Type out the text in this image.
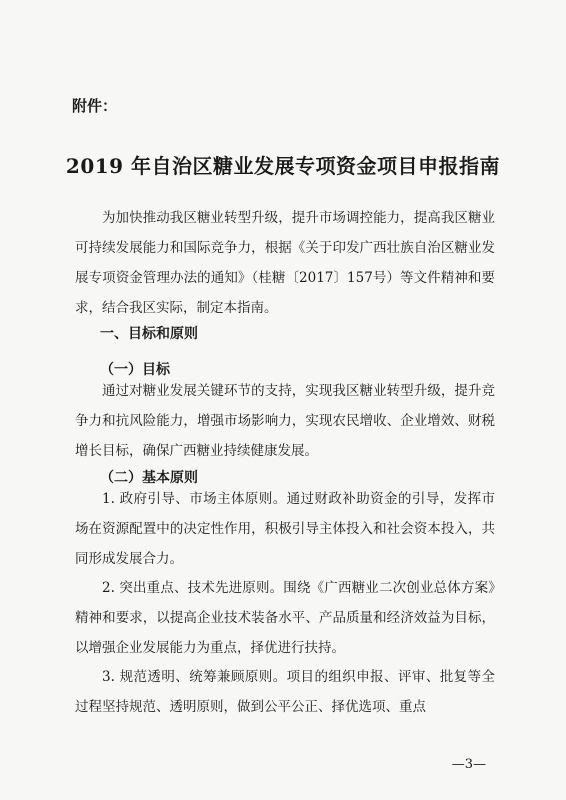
附件：
2019 年自治区糖业发展专项资金项目申报指南
为加快推动我区糖业转型升级，提升市场调控能力，提高我区糖业可持续发展能力和国际竞争力，根据《关于印发广西壮族自治区糖业发展专项资金管理办法的通知》（桂糖〔2017〕157号）等文件精神和要求，结合我区实际，制定本指南。
一、目标和原则
（一）目标
通过对糖业发展关键环节的支持，实现我区糖业转型升级，提升竞争力和抗风险能力，增强市场影响力，实现农民增收、企业增效、财税增长目标，确保广西糖业持续健康发展。
（二）基本原则
1. 政府引导、市场主体原则。通过财政补助资金的引导，发挥市场在资源配置中的决定性作用，积极引导主体投入和社会资本投入，共同形成发展合力。
2. 突出重点、技术先进原则。围绕《广西糖业二次创业总体方案》精神和要求，以提高企业技术装备水平、产品质量和经济效益为目标，以增强企业发展能力为重点，择优进行扶持。
3. 规范透明、统筹兼顾原则。项目的组织申报、评审、批复等全过程坚持规范、透明原则，做到公平公正、择优选项、重点
—3—
